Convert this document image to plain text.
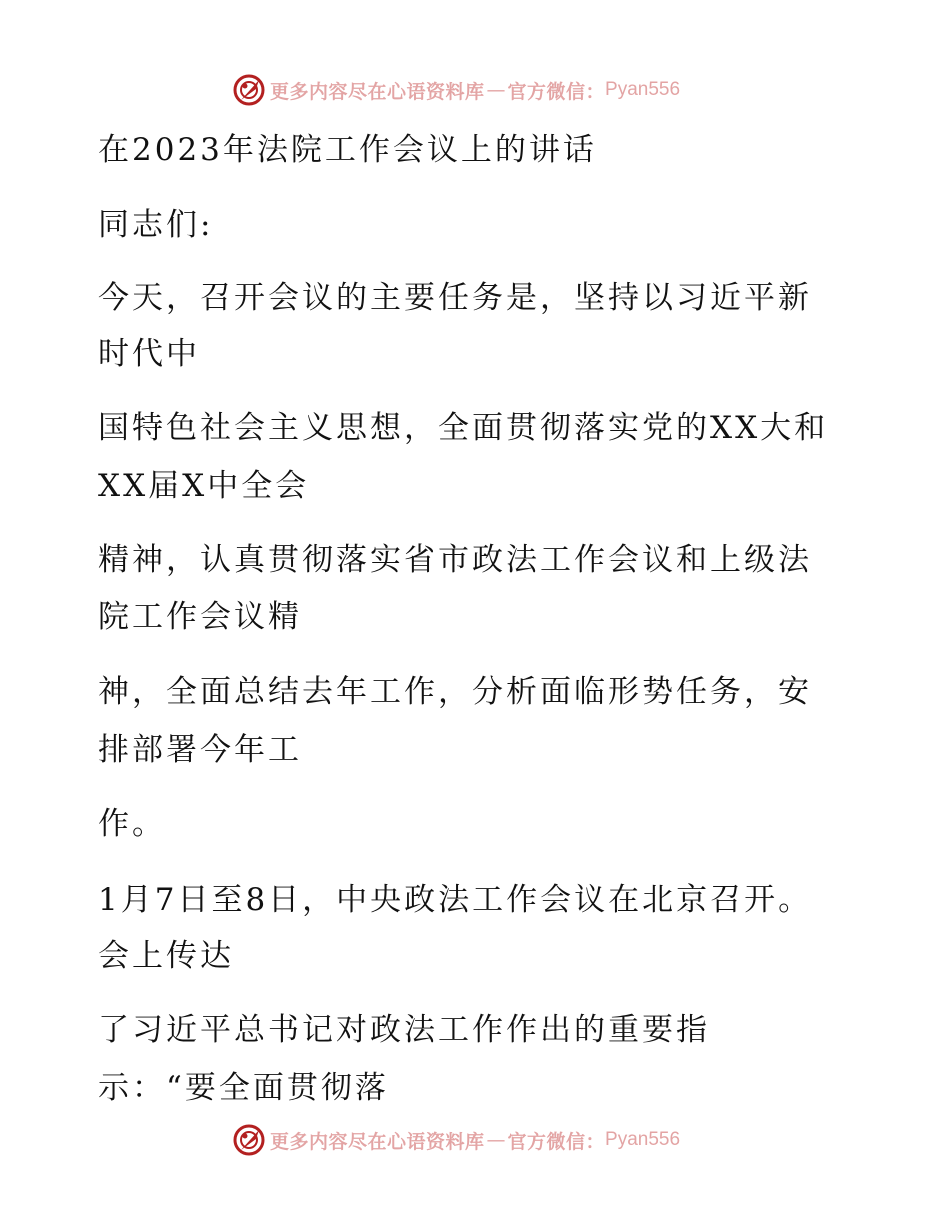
更多内容尽在心语资料库 — 官方微信： Pyan556
在2023年法院工作会议上的讲话
同志们:
今天，召开会议的主要任务是，坚持以习近平新
时代中
国特色社会主义思想，全面贯彻落实党的XX大和
XX届X中全会
精神，认真贯彻落实省市政法工作会议和上级法
院工作会议精
神，全面总结去年工作，分析面临形势任务，安
排部署今年工
作。
1月7日至8日，中央政法工作会议在北京召开。
会上传达
了习近平总书记对政法工作作出的重要指
示：“要全面贯彻落
更多内容尽在心语资料库 — 官方微信： Pyan556
